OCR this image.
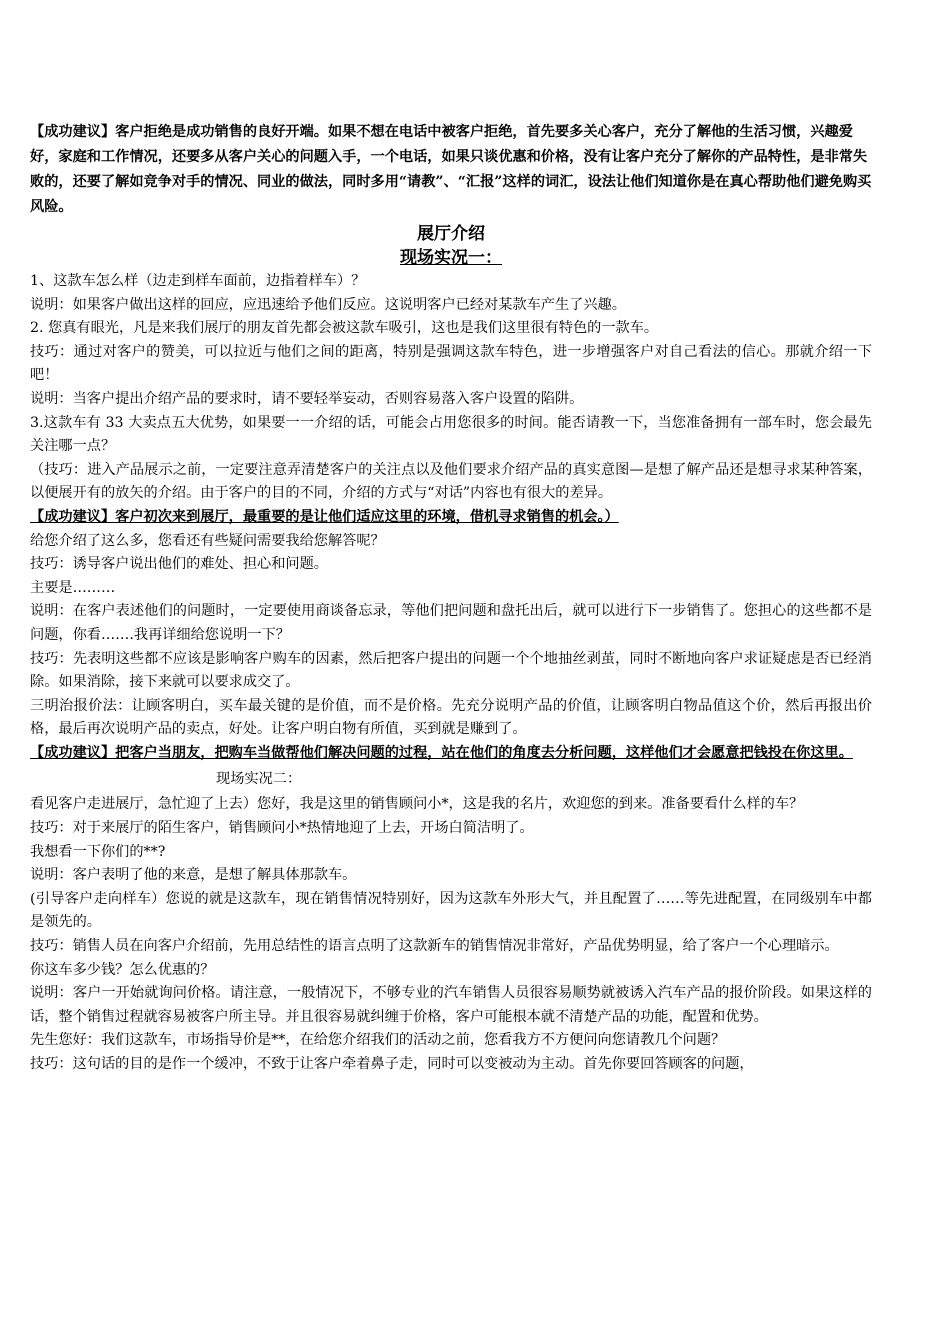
【成功建议】客户拒绝是成功销售的良好开端。如果不想在电话中被客户拒绝，首先要多关心客户，充分了解他的生活习惯，兴趣爱好，家庭和工作情况，还要多从客户关心的问题入手，一个电话，如果只谈优惠和价格，没有让客户充分了解你的产品特性，是非常失败的，还要了解如竞争对手的情况、同业的做法，同时多用“请教”、“汇报”这样的词汇，设法让他们知道你是在真心帮助他们避免购买风险。

展厅介绍

现场实况一：

1、这款车怎么样（边走到样车面前，边指着样车）？

说明：如果客户做出这样的回应，应迅速给予他们反应。这说明客户已经对某款车产生了兴趣。

2. 您真有眼光，凡是来我们展厅的朋友首先都会被这款车吸引，这也是我们这里很有特色的一款车。

技巧：通过对客户的赞美，可以拉近与他们之间的距离，特别是强调这款车特色，进一步增强客户对自己看法的信心。那就介绍一下吧！

说明：当客户提出介绍产品的要求时，请不要轻举妄动，否则容易落入客户设置的陷阱。

3.这款车有 33 大卖点五大优势，如果要一一介绍的话，可能会占用您很多的时间。能否请教一下，当您准备拥有一部车时，您会最先关注哪一点？

（技巧：进入产品展示之前，一定要注意弄清楚客户的关注点以及他们要求介绍产品的真实意图—是想了解产品还是想寻求某种答案，以便展开有的放矢的介绍。由于客户的目的不同，介绍的方式与“对话”内容也有很大的差异。

【成功建议】客户初次来到展厅，最重要的是让他们适应这里的环境，借机寻求销售的机会。）

给您介绍了这么多，您看还有些疑问需要我给您解答呢？

技巧：诱导客户说出他们的难处、担心和问题。

主要是………

说明：在客户表述他们的问题时，一定要使用商谈备忘录，等他们把问题和盘托出后，就可以进行下一步销售了。您担心的这些都不是问题，你看…….我再详细给您说明一下？

技巧：先表明这些都不应该是影响客户购车的因素，然后把客户提出的问题一个个地抽丝剥茧，同时不断地向客户求证疑虑是否已经消除。如果消除，接下来就可以要求成交了。

三明治报价法：让顾客明白，买车最关键的是价值，而不是价格。先充分说明产品的价值，让顾客明白物品值这个价，然后再报出价格，最后再次说明产品的卖点，好处。让客户明白物有所值，买到就是赚到了。

【成功建议】把客户当朋友，把购车当做帮他们解决问题的过程，站在他们的角度去分析问题，这样他们才会愿意把钱投在你这里。

现场实况二：

看见客户走进展厅，急忙迎了上去）您好，我是这里的销售顾问小*，这是我的名片，欢迎您的到来。准备要看什么样的车？

技巧：对于来展厅的陌生客户，销售顾问小*热情地迎了上去，开场白简洁明了。

我想看一下你们的**?

说明：客户表明了他的来意，是想了解具体那款车。

(引导客户走向样车）您说的就是这款车，现在销售情况特别好，因为这款车外形大气，并且配置了……等先进配置，在同级别车中都是领先的。

技巧：销售人员在向客户介绍前，先用总结性的语言点明了这款新车的销售情况非常好，产品优势明显，给了客户一个心理暗示。

你这车多少钱？怎么优惠的？

说明：客户一开始就询问价格。请注意，一般情况下，不够专业的汽车销售人员很容易顺势就被诱入汽车产品的报价阶段。如果这样的话，整个销售过程就容易被客户所主导。并且很容易就纠缠于价格，客户可能根本就不清楚产品的功能，配置和优势。

先生您好：我们这款车，市场指导价是**，在给您介绍我们的活动之前，您看我方不方便问向您请教几个问题？

技巧：这句话的目的是作一个缓冲，不致于让客户牵着鼻子走，同时可以变被动为主动。首先你要回答顾客的问题，
